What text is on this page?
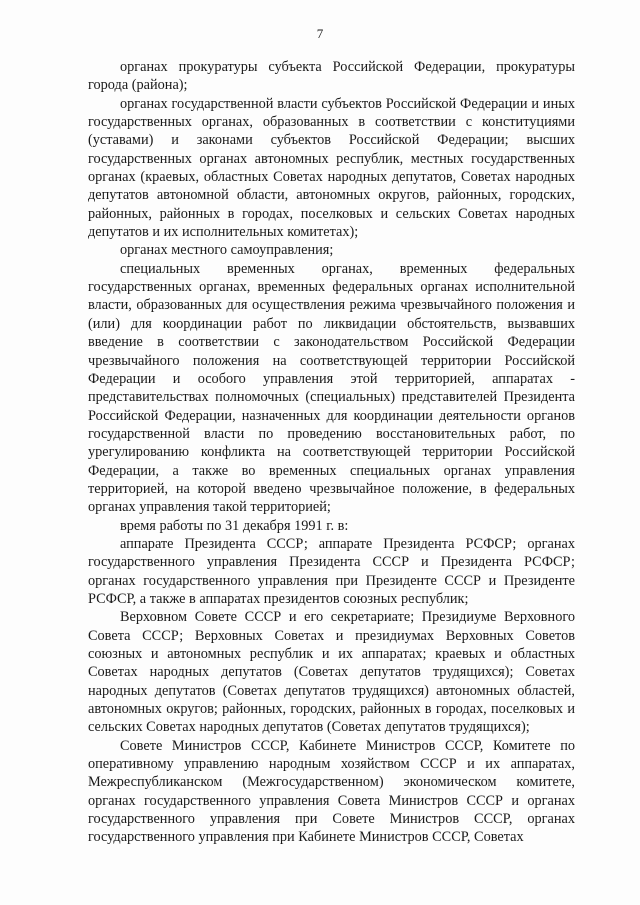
7

органах прокуратуры субъекта Российской Федерации, прокуратуры города (района);

органах государственной власти субъектов Российской Федерации и иных государственных органах, образованных в соответствии с конституциями (уставами) и законами субъектов Российской Федерации; высших государственных органах автономных республик, местных государственных органах (краевых, областных Советах народных депутатов, Советах народных депутатов автономной области, автономных округов, районных, городских, районных, районных в городах, поселковых и сельских Советах народных депутатов и их исполнительных комитетах);

органах местного самоуправления;

специальных временных органах, временных федеральных государственных органах, временных федеральных органах исполнительной власти, образованных для осуществления режима чрезвычайного положения и (или) для координации работ по ликвидации обстоятельств, вызвавших введение в соответствии с законодательством Российской Федерации чрезвычайного положения на соответствующей территории Российской Федерации и особого управления этой территорией, аппаратах - представительствах полномочных (специальных) представителей Президента Российской Федерации, назначенных для координации деятельности органов государственной власти по проведению восстановительных работ, по урегулированию конфликта на соответствующей территории Российской Федерации, а также во временных специальных органах управления территорией, на которой введено чрезвычайное положение, в федеральных органах управления такой территорией;

время работы по 31 декабря 1991 г. в:

аппарате Президента СССР; аппарате Президента РСФСР; органах государственного управления Президента СССР и Президента РСФСР; органах государственного управления при Президенте СССР и Президенте РСФСР, а также в аппаратах президентов союзных республик;

Верховном Совете СССР и его секретариате; Президиуме Верховного Совета СССР; Верховных Советах и президиумах Верховных Советов союзных и автономных республик и их аппаратах; краевых и областных Советах народных депутатов (Советах депутатов трудящихся); Советах народных депутатов (Советах депутатов трудящихся) автономных областей, автономных округов; районных, городских, районных в городах, поселковых и сельских Советах народных депутатов (Советах депутатов трудящихся);

Совете Министров СССР, Кабинете Министров СССР, Комитете по оперативному управлению народным хозяйством СССР и их аппаратах, Межреспубликанском (Межгосударственном) экономическом комитете, органах государственного управления Совета Министров СССР и органах государственного управления при Совете Министров СССР, органах государственного управления при Кабинете Министров СССР, Советах
